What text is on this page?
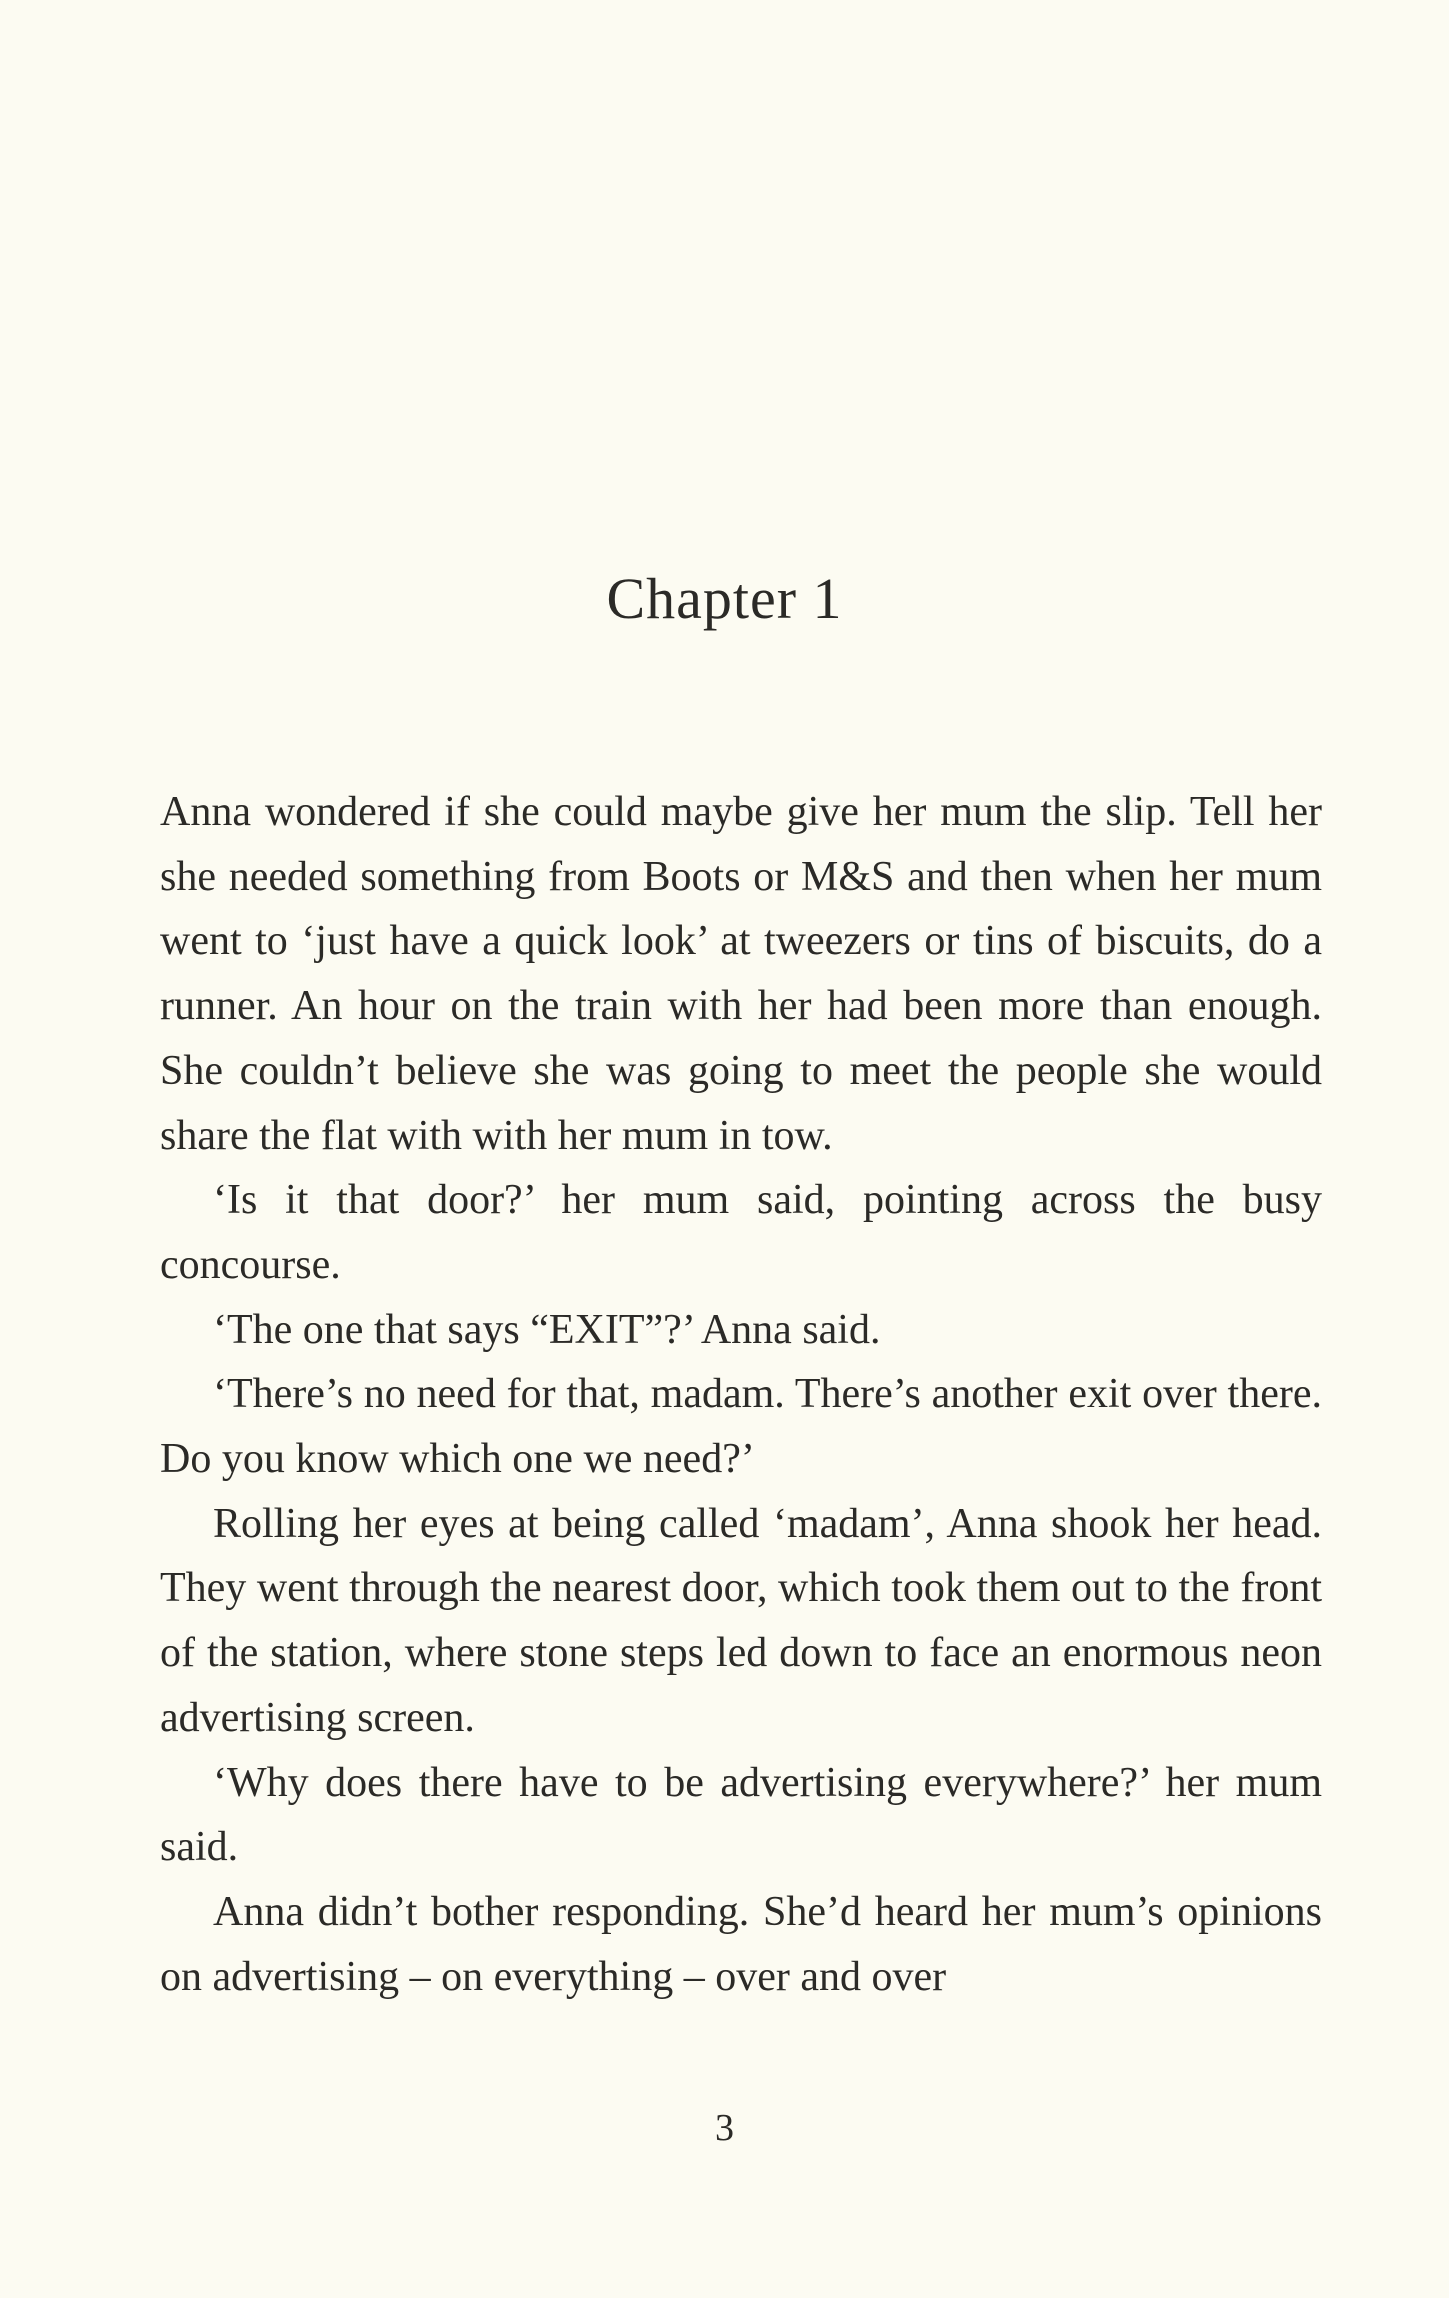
Chapter 1

Anna wondered if she could maybe give her mum the slip. Tell her she needed something from Boots or M&S and then when her mum went to ‘just have a quick look’ at tweezers or tins of biscuits, do a runner. An hour on the train with her had been more than enough. She couldn’t believe she was going to meet the people she would share the flat with with her mum in tow.

‘Is it that door?’ her mum said, pointing across the busy concourse.

‘The one that says “EXIT”?’ Anna said.

‘There’s no need for that, madam. There’s another exit over there. Do you know which one we need?’

Rolling her eyes at being called ‘madam’, Anna shook her head. They went through the nearest door, which took them out to the front of the station, where stone steps led down to face an enormous neon advertising screen.

‘Why does there have to be advertising everywhere?’ her mum said.

Anna didn’t bother responding. She’d heard her mum’s opinions on advertising – on everything – over and over

3
